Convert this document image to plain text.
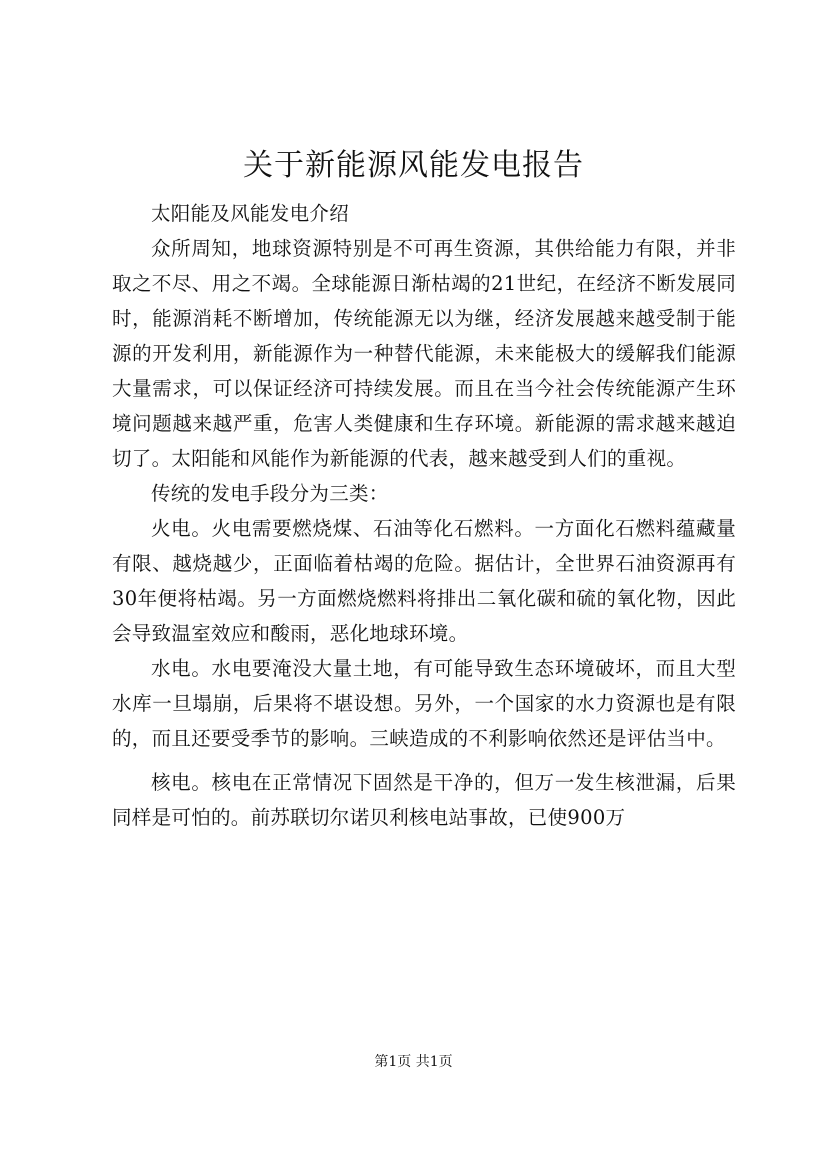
关于新能源风能发电报告

太阳能及风能发电介绍

众所周知，地球资源特别是不可再生资源，其供给能力有限，并非取之不尽、用之不竭。全球能源日渐枯竭的21世纪，在经济不断发展同时，能源消耗不断增加，传统能源无以为继，经济发展越来越受制于能源的开发利用，新能源作为一种替代能源，未来能极大的缓解我们能源大量需求，可以保证经济可持续发展。而且在当今社会传统能源产生环境问题越来越严重，危害人类健康和生存环境。新能源的需求越来越迫切了。太阳能和风能作为新能源的代表，越来越受到人们的重视。

传统的发电手段分为三类：

火电。火电需要燃烧煤、石油等化石燃料。一方面化石燃料蕴藏量有限、越烧越少，正面临着枯竭的危险。据估计，全世界石油资源再有30年便将枯竭。另一方面燃烧燃料将排出二氧化碳和硫的氧化物，因此会导致温室效应和酸雨，恶化地球环境。

水电。水电要淹没大量土地，有可能导致生态环境破坏，而且大型水库一旦塌崩，后果将不堪设想。另外，一个国家的水力资源也是有限的，而且还要受季节的影响。三峡造成的不利影响依然还是评估当中。

核电。核电在正常情况下固然是干净的，但万一发生核泄漏，后果同样是可怕的。前苏联切尔诺贝利核电站事故，已使900万

第1页 共1页
